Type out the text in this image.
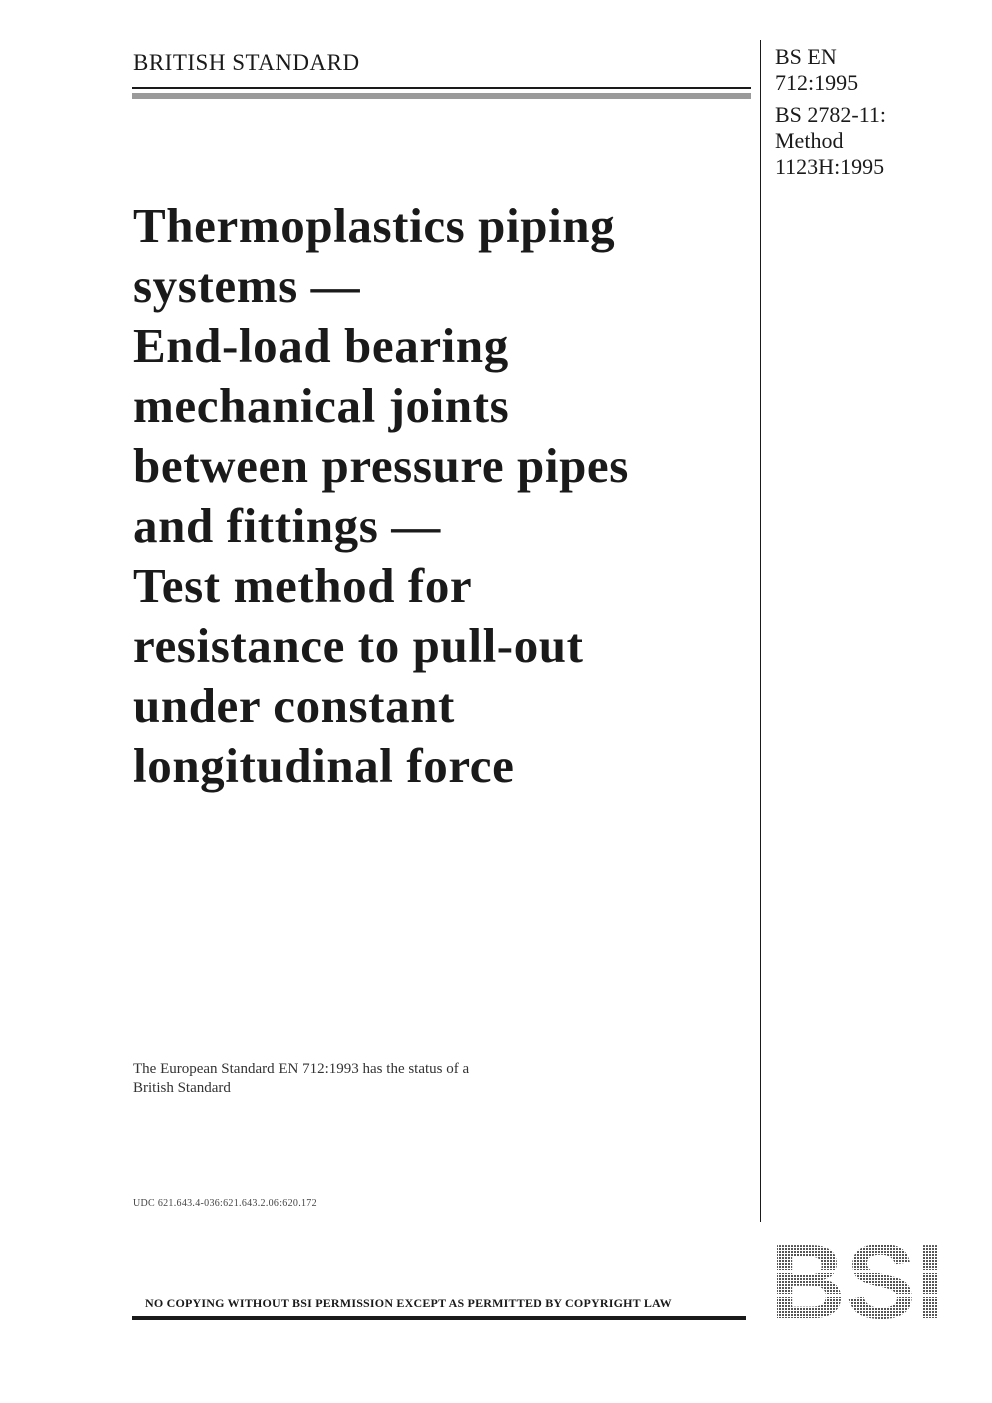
BRITISH STANDARD	BS EN
712:1995
BS 2782-11:
Method
1123H:1995
Thermoplastics piping
systems —
End-load bearing
mechanical joints
between pressure pipes
and fittings —
Test method for
resistance to pull-out
under constant
longitudinal force
The European Standard EN 712:1993 has the status of a
British Standard
UDC 621.643.4-036:621.643.2.06:620.172
NO COPYING WITHOUT BSI PERMISSION EXCEPT AS PERMITTED BY COPYRIGHT LAW
